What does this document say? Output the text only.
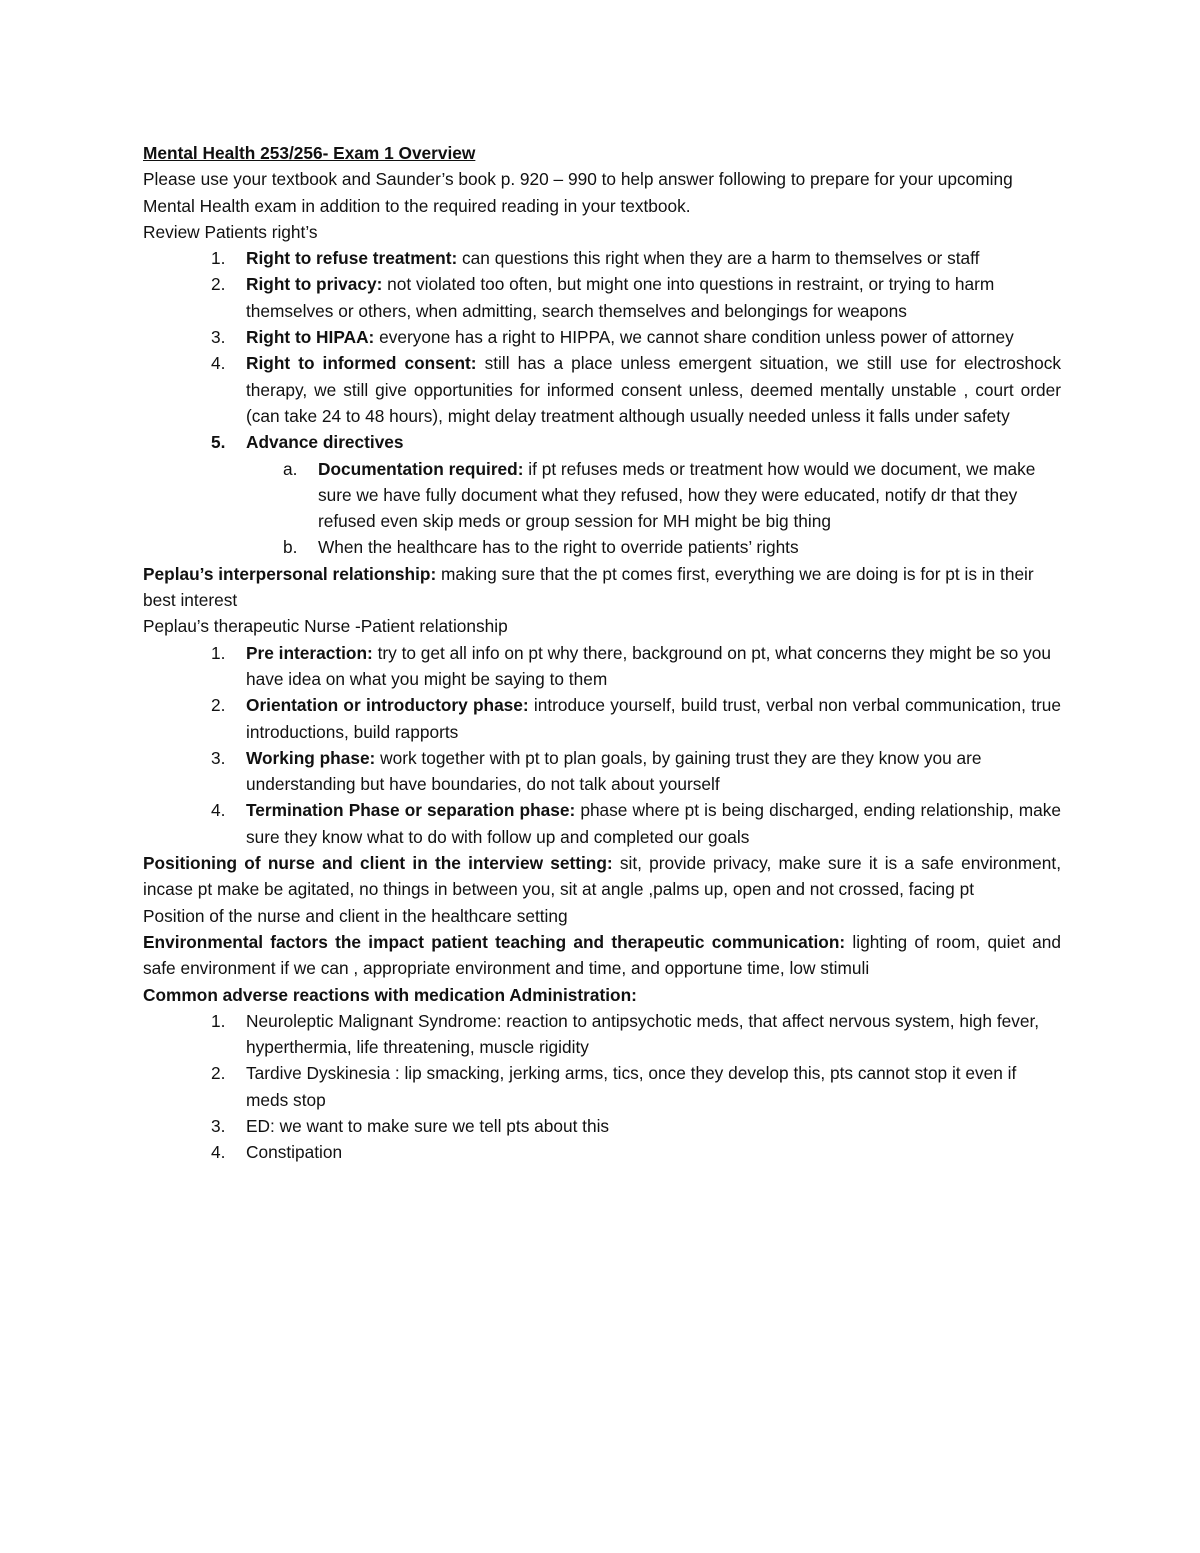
Mental Health 253/256- Exam 1 Overview

Please use your textbook and Saunder’s book p. 920 – 990 to help answer following to prepare for your upcoming Mental Health exam in addition to the required reading in your textbook.

Review Patients right’s

1. Right to refuse treatment: can questions this right when they are a harm to themselves or staff
2. Right to privacy: not violated too often, but might one into questions in restraint, or trying to harm themselves or others, when admitting, search themselves and belongings for weapons
3. Right to HIPAA: everyone has a right to HIPPA, we cannot share condition unless power of attorney
4. Right to informed consent: still has a place unless emergent situation, we still use for electroshock therapy, we still give opportunities for informed consent unless, deemed mentally unstable , court order (can take 24 to 48 hours), might delay treatment although usually needed unless it falls under safety
5. Advance directives
a. Documentation required: if pt refuses meds or treatment how would we document, we make sure we have fully document what they refused, how they were educated, notify dr that they refused even skip meds or group session for MH might be big thing
b. When the healthcare has to the right to override patients’ rights

Peplau’s interpersonal relationship: making sure that the pt comes first, everything we are doing is for pt is in their best interest

Peplau’s therapeutic Nurse -Patient relationship

1. Pre interaction: try to get all info on pt why there, background on pt, what concerns they might be so you have idea on what you might be saying to them
2. Orientation or introductory phase: introduce yourself, build trust, verbal non verbal communication, true introductions, build rapports
3. Working phase: work together with pt to plan goals, by gaining trust they are they know you are understanding but have boundaries, do not talk about yourself
4. Termination Phase or separation phase: phase where pt is being discharged, ending relationship, make sure they know what to do with follow up and completed our goals

Positioning of nurse and client in the interview setting: sit, provide privacy, make sure it is a safe environment, incase pt make be agitated, no things in between you, sit at angle ,palms up, open and not crossed, facing pt

Position of the nurse and client in the healthcare setting

Environmental factors the impact patient teaching and therapeutic communication: lighting of room, quiet and safe environment if we can , appropriate environment and time, and opportune time, low stimuli

Common adverse reactions with medication Administration:

1. Neuroleptic Malignant Syndrome: reaction to antipsychotic meds, that affect nervous system, high fever, hyperthermia, life threatening, muscle rigidity
2. Tardive Dyskinesia : lip smacking, jerking arms, tics, once they develop this, pts cannot stop it even if meds stop
3. ED: we want to make sure we tell pts about this
4. Constipation
